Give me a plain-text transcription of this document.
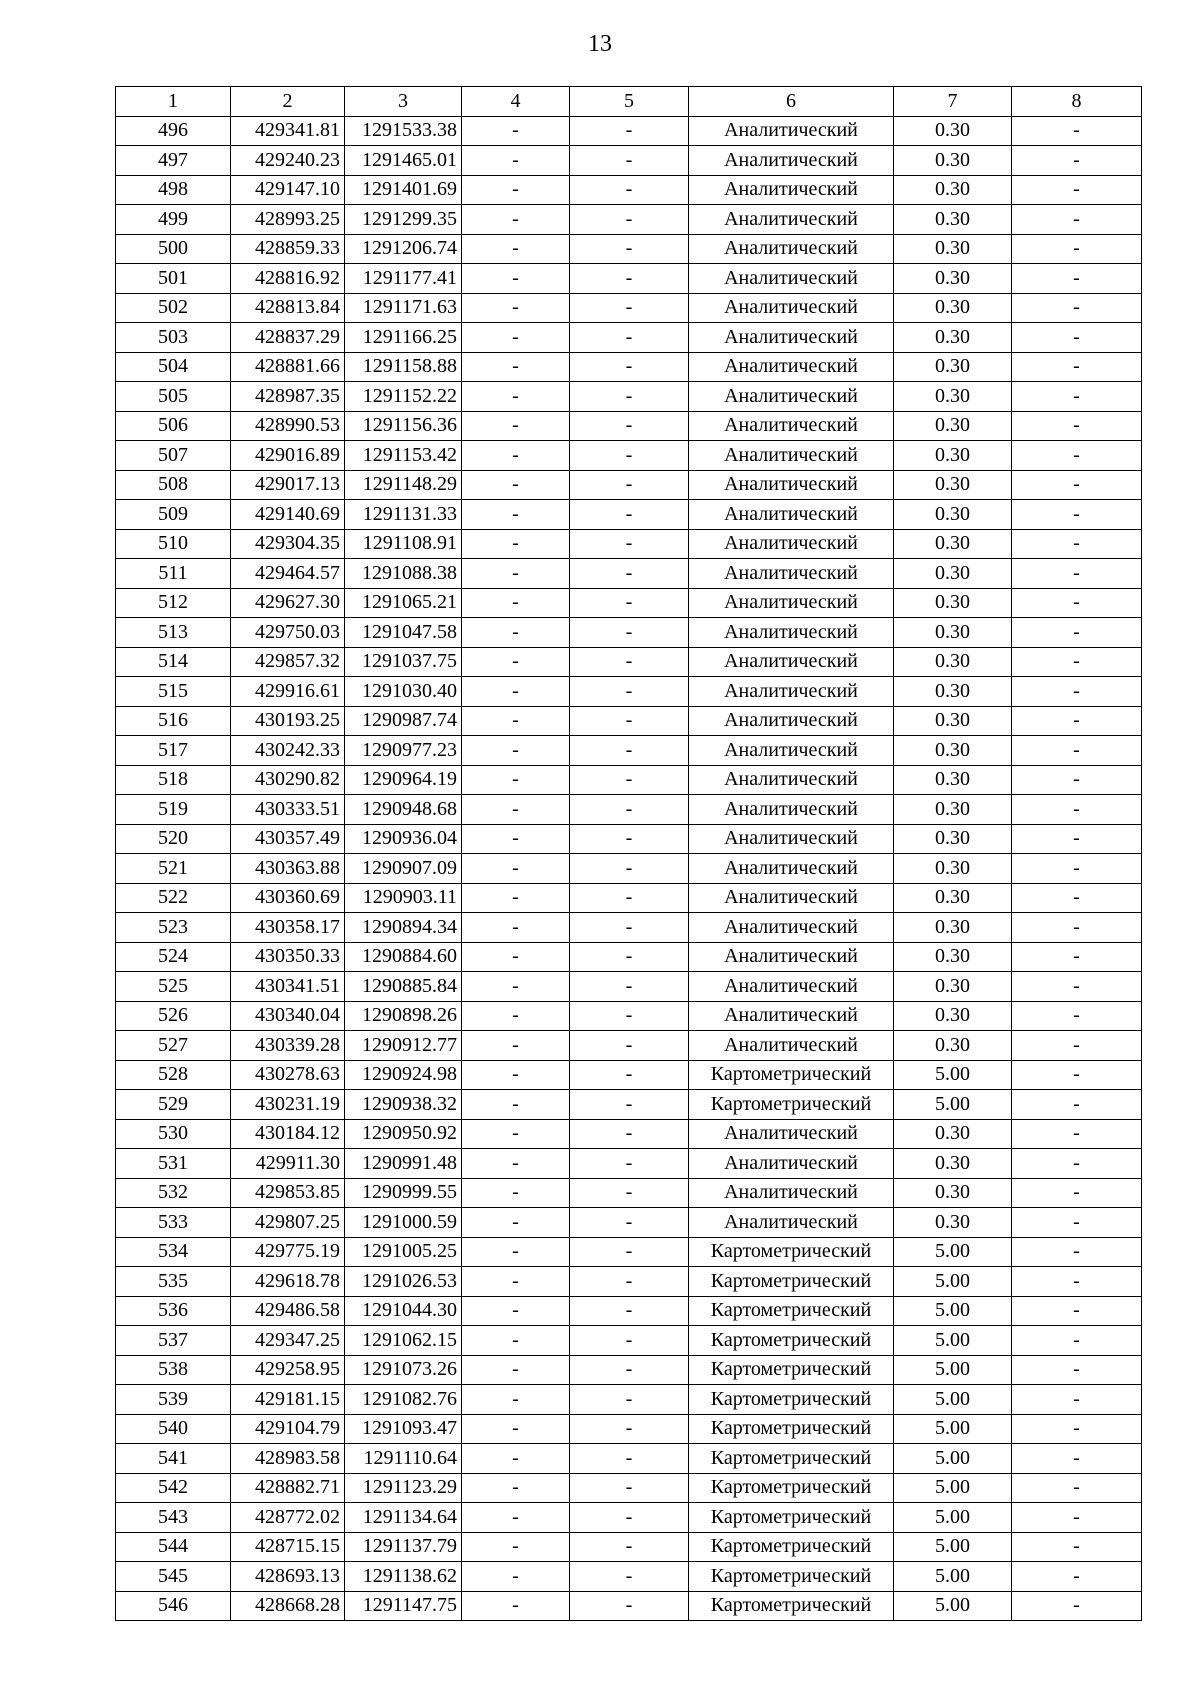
13
1	2	3	4	5	6	7	8
496	429341.81	1291533.38	-	-	Аналитический	0.30	-
497	429240.23	1291465.01	-	-	Аналитический	0.30	-
498	429147.10	1291401.69	-	-	Аналитический	0.30	-
499	428993.25	1291299.35	-	-	Аналитический	0.30	-
500	428859.33	1291206.74	-	-	Аналитический	0.30	-
501	428816.92	1291177.41	-	-	Аналитический	0.30	-
502	428813.84	1291171.63	-	-	Аналитический	0.30	-
503	428837.29	1291166.25	-	-	Аналитический	0.30	-
504	428881.66	1291158.88	-	-	Аналитический	0.30	-
505	428987.35	1291152.22	-	-	Аналитический	0.30	-
506	428990.53	1291156.36	-	-	Аналитический	0.30	-
507	429016.89	1291153.42	-	-	Аналитический	0.30	-
508	429017.13	1291148.29	-	-	Аналитический	0.30	-
509	429140.69	1291131.33	-	-	Аналитический	0.30	-
510	429304.35	1291108.91	-	-	Аналитический	0.30	-
511	429464.57	1291088.38	-	-	Аналитический	0.30	-
512	429627.30	1291065.21	-	-	Аналитический	0.30	-
513	429750.03	1291047.58	-	-	Аналитический	0.30	-
514	429857.32	1291037.75	-	-	Аналитический	0.30	-
515	429916.61	1291030.40	-	-	Аналитический	0.30	-
516	430193.25	1290987.74	-	-	Аналитический	0.30	-
517	430242.33	1290977.23	-	-	Аналитический	0.30	-
518	430290.82	1290964.19	-	-	Аналитический	0.30	-
519	430333.51	1290948.68	-	-	Аналитический	0.30	-
520	430357.49	1290936.04	-	-	Аналитический	0.30	-
521	430363.88	1290907.09	-	-	Аналитический	0.30	-
522	430360.69	1290903.11	-	-	Аналитический	0.30	-
523	430358.17	1290894.34	-	-	Аналитический	0.30	-
524	430350.33	1290884.60	-	-	Аналитический	0.30	-
525	430341.51	1290885.84	-	-	Аналитический	0.30	-
526	430340.04	1290898.26	-	-	Аналитический	0.30	-
527	430339.28	1290912.77	-	-	Аналитический	0.30	-
528	430278.63	1290924.98	-	-	Картометрический	5.00	-
529	430231.19	1290938.32	-	-	Картометрический	5.00	-
530	430184.12	1290950.92	-	-	Аналитический	0.30	-
531	429911.30	1290991.48	-	-	Аналитический	0.30	-
532	429853.85	1290999.55	-	-	Аналитический	0.30	-
533	429807.25	1291000.59	-	-	Аналитический	0.30	-
534	429775.19	1291005.25	-	-	Картометрический	5.00	-
535	429618.78	1291026.53	-	-	Картометрический	5.00	-
536	429486.58	1291044.30	-	-	Картометрический	5.00	-
537	429347.25	1291062.15	-	-	Картометрический	5.00	-
538	429258.95	1291073.26	-	-	Картометрический	5.00	-
539	429181.15	1291082.76	-	-	Картометрический	5.00	-
540	429104.79	1291093.47	-	-	Картометрический	5.00	-
541	428983.58	1291110.64	-	-	Картометрический	5.00	-
542	428882.71	1291123.29	-	-	Картометрический	5.00	-
543	428772.02	1291134.64	-	-	Картометрический	5.00	-
544	428715.15	1291137.79	-	-	Картометрический	5.00	-
545	428693.13	1291138.62	-	-	Картометрический	5.00	-
546	428668.28	1291147.75	-	-	Картометрический	5.00	-
